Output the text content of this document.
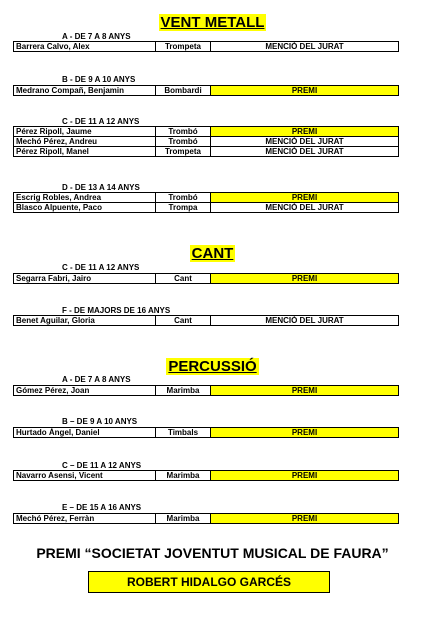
VENT METALL
A - DE 7 A 8 ANYS
Barrera Calvo, Alex	Trompeta	MENCIÓ DEL JURAT
B - DE 9 A 10 ANYS
Medrano Compañ, Benjamin	Bombardi	PREMI
C - DE 11 A 12 ANYS
Pérez Ripoll, Jaume	Trombó	PREMI
Mechó Pérez, Andreu	Trombó	MENCIÓ DEL JURAT
Pérez Ripoll, Manel	Trompeta	MENCIÓ DEL JURAT
D - DE 13 A 14 ANYS
Escrig Robles, Andrea	Trombó	PREMI
Blasco Alpuente, Paco	Trompa	MENCIÓ DEL JURAT
CANT
C - DE 11 A 12 ANYS
Segarra Fabri, Jairo	Cant	PREMI
F - DE MAJORS DE 16 ANYS
Benet Aguilar, Gloria	Cant	MENCIÓ DEL JURAT
PERCUSSIÓ
A - DE 7 A 8 ANYS
Gómez Pérez, Joan	Marimba	PREMI
B – DE 9 A 10 ANYS
Hurtado Ángel, Daniel	Timbals	PREMI
C – DE 11 A 12 ANYS
Navarro Asensi, Vicent	Marimba	PREMI
E – DE 15 A 16 ANYS
Mechó Pérez, Ferràn	Marimba	PREMI
PREMI “SOCIETAT JOVENTUT MUSICAL DE FAURA”
ROBERT HIDALGO GARCÉS
